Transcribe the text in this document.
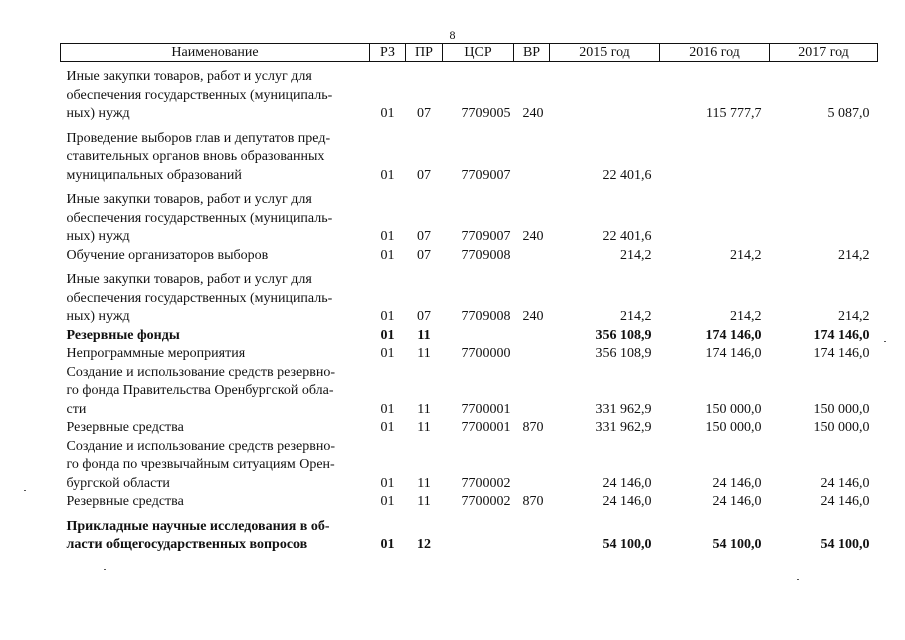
8
Наименование	РЗ	ПР	ЦСР	ВР	2015 год	2016 год	2017 год
Иные закупки товаров, работ и услуг для
обеспечения государственных (муниципаль-
ных) нужд	01	07	7709005	240		115 777,7	5 087,0
Проведение выборов глав и депутатов пред-
ставительных органов вновь образованных
муниципальных образований	01	07	7709007		22 401,6		
Иные закупки товаров, работ и услуг для
обеспечения государственных (муниципаль-
ных) нужд	01	07	7709007	240	22 401,6		
Обучение организаторов выборов	01	07	7709008		214,2	214,2	214,2
Иные закупки товаров, работ и услуг для
обеспечения государственных (муниципаль-
ных) нужд	01	07	7709008	240	214,2	214,2	214,2
Резервные фонды	01	11			356 108,9	174 146,0	174 146,0
Непрограммные мероприятия	01	11	7700000		356 108,9	174 146,0	174 146,0
Создание и использование средств резервно-
го фонда Правительства Оренбургской обла-
сти	01	11	7700001		331 962,9	150 000,0	150 000,0
Резервные средства	01	11	7700001	870	331 962,9	150 000,0	150 000,0
Создание и использование средств резервно-
го фонда по чрезвычайным ситуациям Орен-
бургской области	01	11	7700002		24 146,0	24 146,0	24 146,0
Резервные средства	01	11	7700002	870	24 146,0	24 146,0	24 146,0
Прикладные научные исследования в об-
ласти общегосударственных вопросов	01	12			54 100,0	54 100,0	54 100,0
